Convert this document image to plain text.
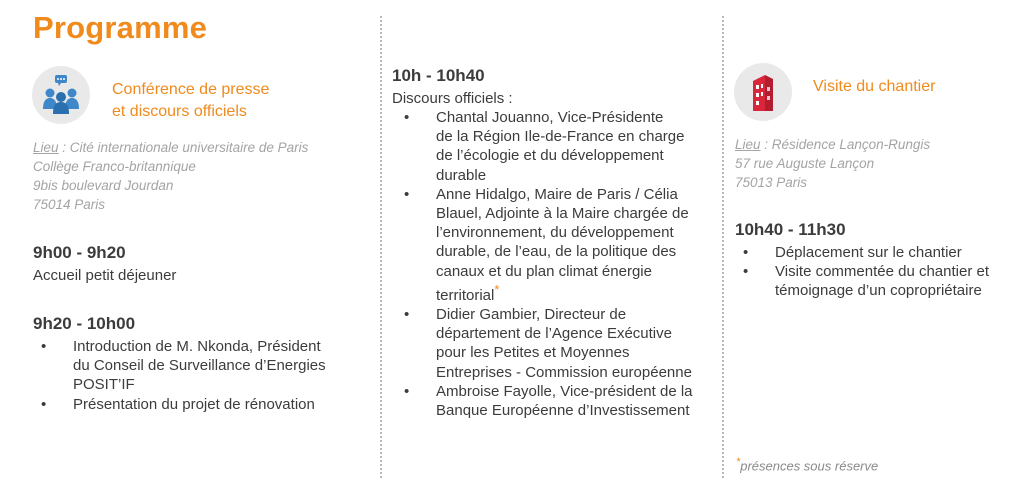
Programme
Conférence de presse
et discours officiels
Lieu : Cité internationale universitaire de Paris
Collège Franco-britannique
9bis boulevard Jourdan
75014 Paris
9h00 - 9h20
Accueil petit déjeuner
9h20 - 10h00
• Introduction de M. Nkonda, Président
du Conseil de Surveillance d’Energies
POSIT’IF
• Présentation du projet de rénovation
10h - 10h40
Discours officiels :
• Chantal Jouanno, Vice-Présidente
de la Région Ile-de-France en charge
de l’écologie et du développement
durable
• Anne Hidalgo, Maire de Paris / Célia
Blauel, Adjointe à la Maire chargée de
l’environnement, du développement
durable, de l’eau, de la politique des
canaux et du plan climat énergie
territorial*
• Didier Gambier, Directeur de
département de l’Agence Exécutive
pour les Petites et Moyennes
Entreprises - Commission européenne
• Ambroise Fayolle, Vice-président de la
Banque Européenne d’Investissement
Visite du chantier
Lieu : Résidence Lançon-Rungis
57 rue Auguste Lançon
75013 Paris
10h40 - 11h30
• Déplacement sur le chantier
• Visite commentée du chantier et
témoignage d’un copropriétaire
*présences sous réserve
